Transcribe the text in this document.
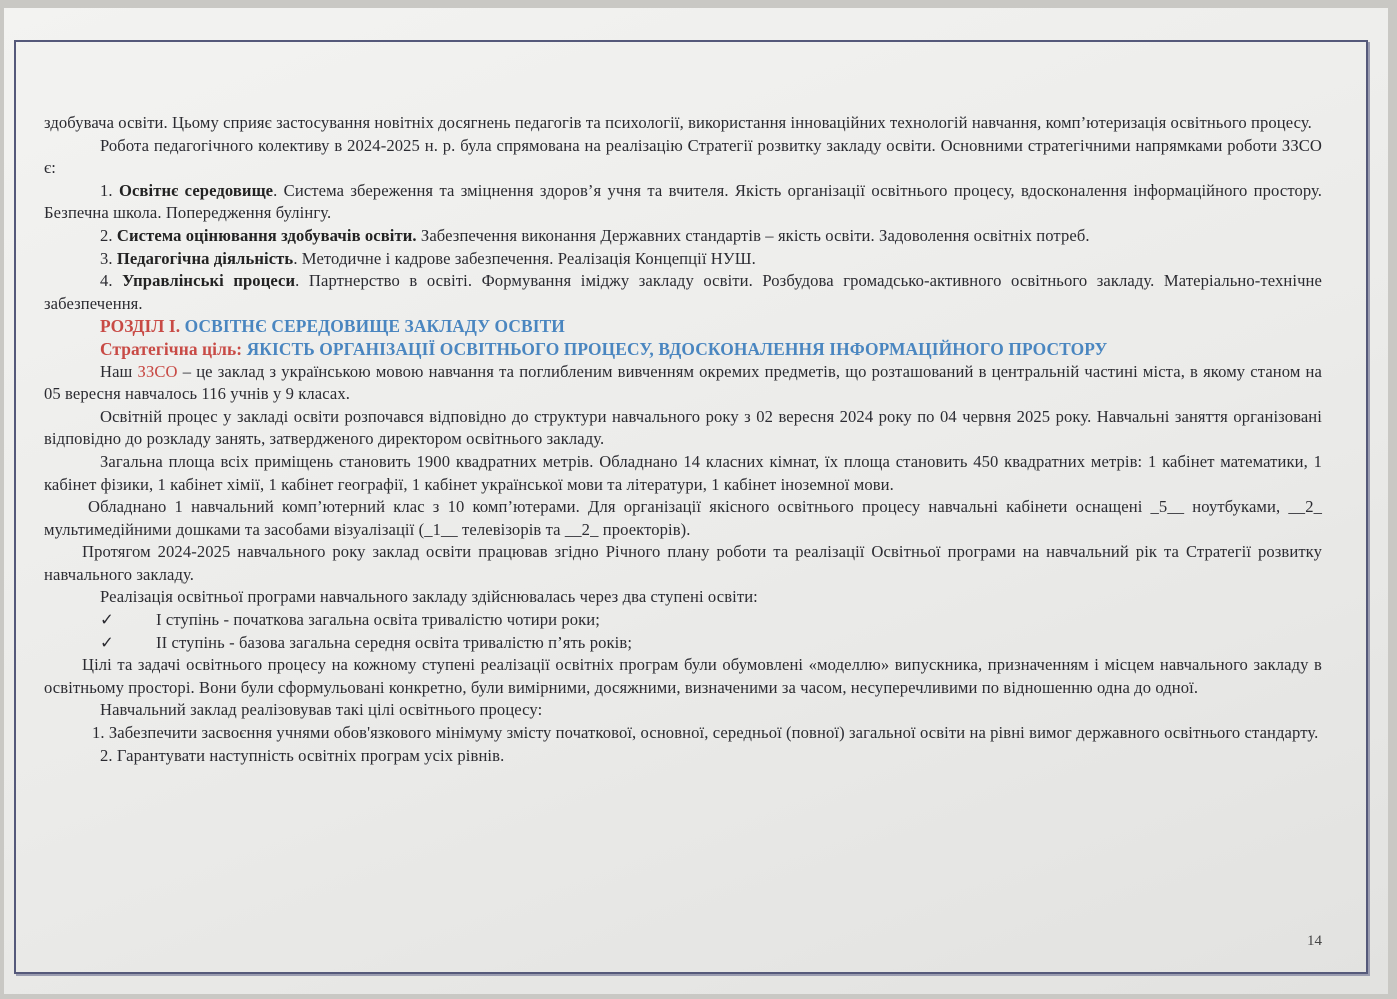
здобувача освіти. Цьому сприяє застосування новітніх досягнень педагогів та психології, використання інноваційних технологій навчання, комп’ютеризація освітнього процесу.

Робота педагогічного колективу в 2024-2025 н. р. була спрямована на реалізацію Стратегії розвитку закладу освіти. Основними стратегічними напрямками роботи ЗЗСО є:

1. Освітнє середовище. Система збереження та зміцнення здоров’я учня та вчителя. Якість організації освітнього процесу, вдосконалення інформаційного простору. Безпечна школа. Попередження булінгу.

2. Система оцінювання здобувачів освіти. Забезпечення виконання Державних стандартів – якість освіти. Задоволення освітніх потреб.

3. Педагогічна діяльність. Методичне і кадрове забезпечення. Реалізація Концепції НУШ.

4. Управлінські процеси. Партнерство в освіті. Формування іміджу закладу освіти. Розбудова громадсько-активного освітнього закладу. Матеріально-технічне забезпечення.

РОЗДІЛ І. ОСВІТНЄ СЕРЕДОВИЩЕ ЗАКЛАДУ ОСВІТИ

Стратегічна ціль: ЯКІСТЬ ОРГАНІЗАЦІЇ ОСВІТНЬОГО ПРОЦЕСУ, ВДОСКОНАЛЕННЯ ІНФОРМАЦІЙНОГО ПРОСТОРУ

Наш ЗЗСО – це заклад з українською мовою навчання та поглибленим вивченням окремих предметів, що розташований в центральній частині міста, в якому станом на 05 вересня навчалось 116 учнів у 9 класах.

Освітній процес у закладі освіти розпочався відповідно до структури навчального року з 02 вересня 2024 року по 04 червня 2025 року. Навчальні заняття організовані відповідно до розкладу занять, затвердженого директором освітнього закладу.

Загальна площа всіх приміщень становить 1900 квадратних метрів. Обладнано 14 класних кімнат, їх площа становить 450 квадратних метрів: 1 кабінет математики, 1 кабінет фізики, 1 кабінет хімії, 1 кабінет географії, 1 кабінет української мови та літератури, 1 кабінет іноземної мови.

Обладнано 1 навчальний комп’ютерний клас з 10 комп’ютерами. Для організації якісного освітнього процесу навчальні кабінети оснащені _5__ ноутбуками, __2_ мультимедійними дошками та засобами візуалізації (_1__ телевізорів та __2_ проекторів).

Протягом 2024-2025 навчального року заклад освіти працював згідно Річного плану роботи та реалізації Освітньої програми на навчальний рік та Стратегії розвитку навчального закладу.

Реалізація освітньої програми навчального закладу здійснювалась через два ступені освіти:

✓	І ступінь - початкова загальна освіта тривалістю чотири роки;

✓	ІІ ступінь - базова загальна середня освіта тривалістю п’ять років;

Цілі та задачі освітнього процесу на кожному ступені реалізації освітніх програм були обумовлені «моделлю» випускника, призначенням і місцем навчального закладу в освітньому просторі. Вони були сформульовані конкретно, були вимірними, досяжними, визначеними за часом, несуперечливими по відношенню одна до одної.

Навчальний заклад реалізовував такі цілі освітнього процесу:

1. Забезпечити засвоєння учнями обов'язкового мінімуму змісту початкової, основної, середньої (повної) загальної освіти на рівні вимог державного освітнього стандарту.

2. Гарантувати наступність освітніх програм усіх рівнів.

14
